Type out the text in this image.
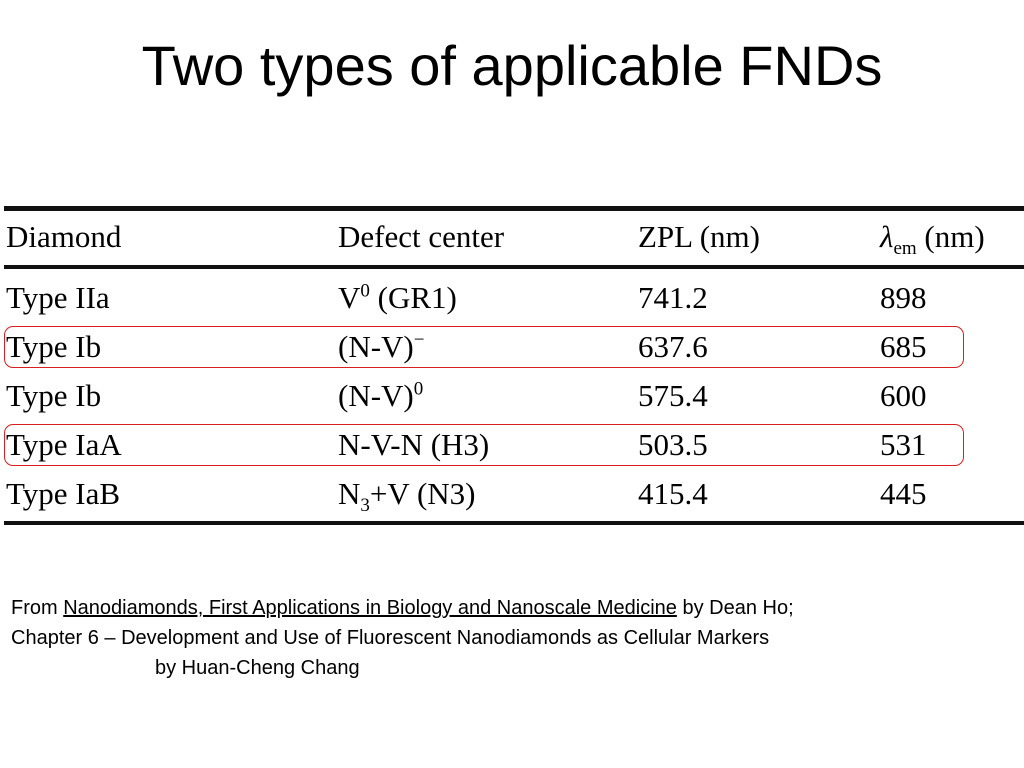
Two types of applicable FNDs
Diamond	Defect center	ZPL (nm)	$\lambda_{em}$ (nm)
Type IIa	$V^0$ (GR1)	741.2	898
Type Ib	(N-V)−	637.6	685
Type Ib	$(N-V)^0$	575.4	600
Type IaA	N-V-N (H3)	503.5	531
Type IaB	$N_3+V$ (N3)	415.4	445
From Nanodiamonds, First Applications in Biology and Nanoscale Medicine by Dean Ho;
Chapter 6 – Development and Use of Fluorescent Nanodiamonds as Cellular Markers
by Huan-Cheng Chang
